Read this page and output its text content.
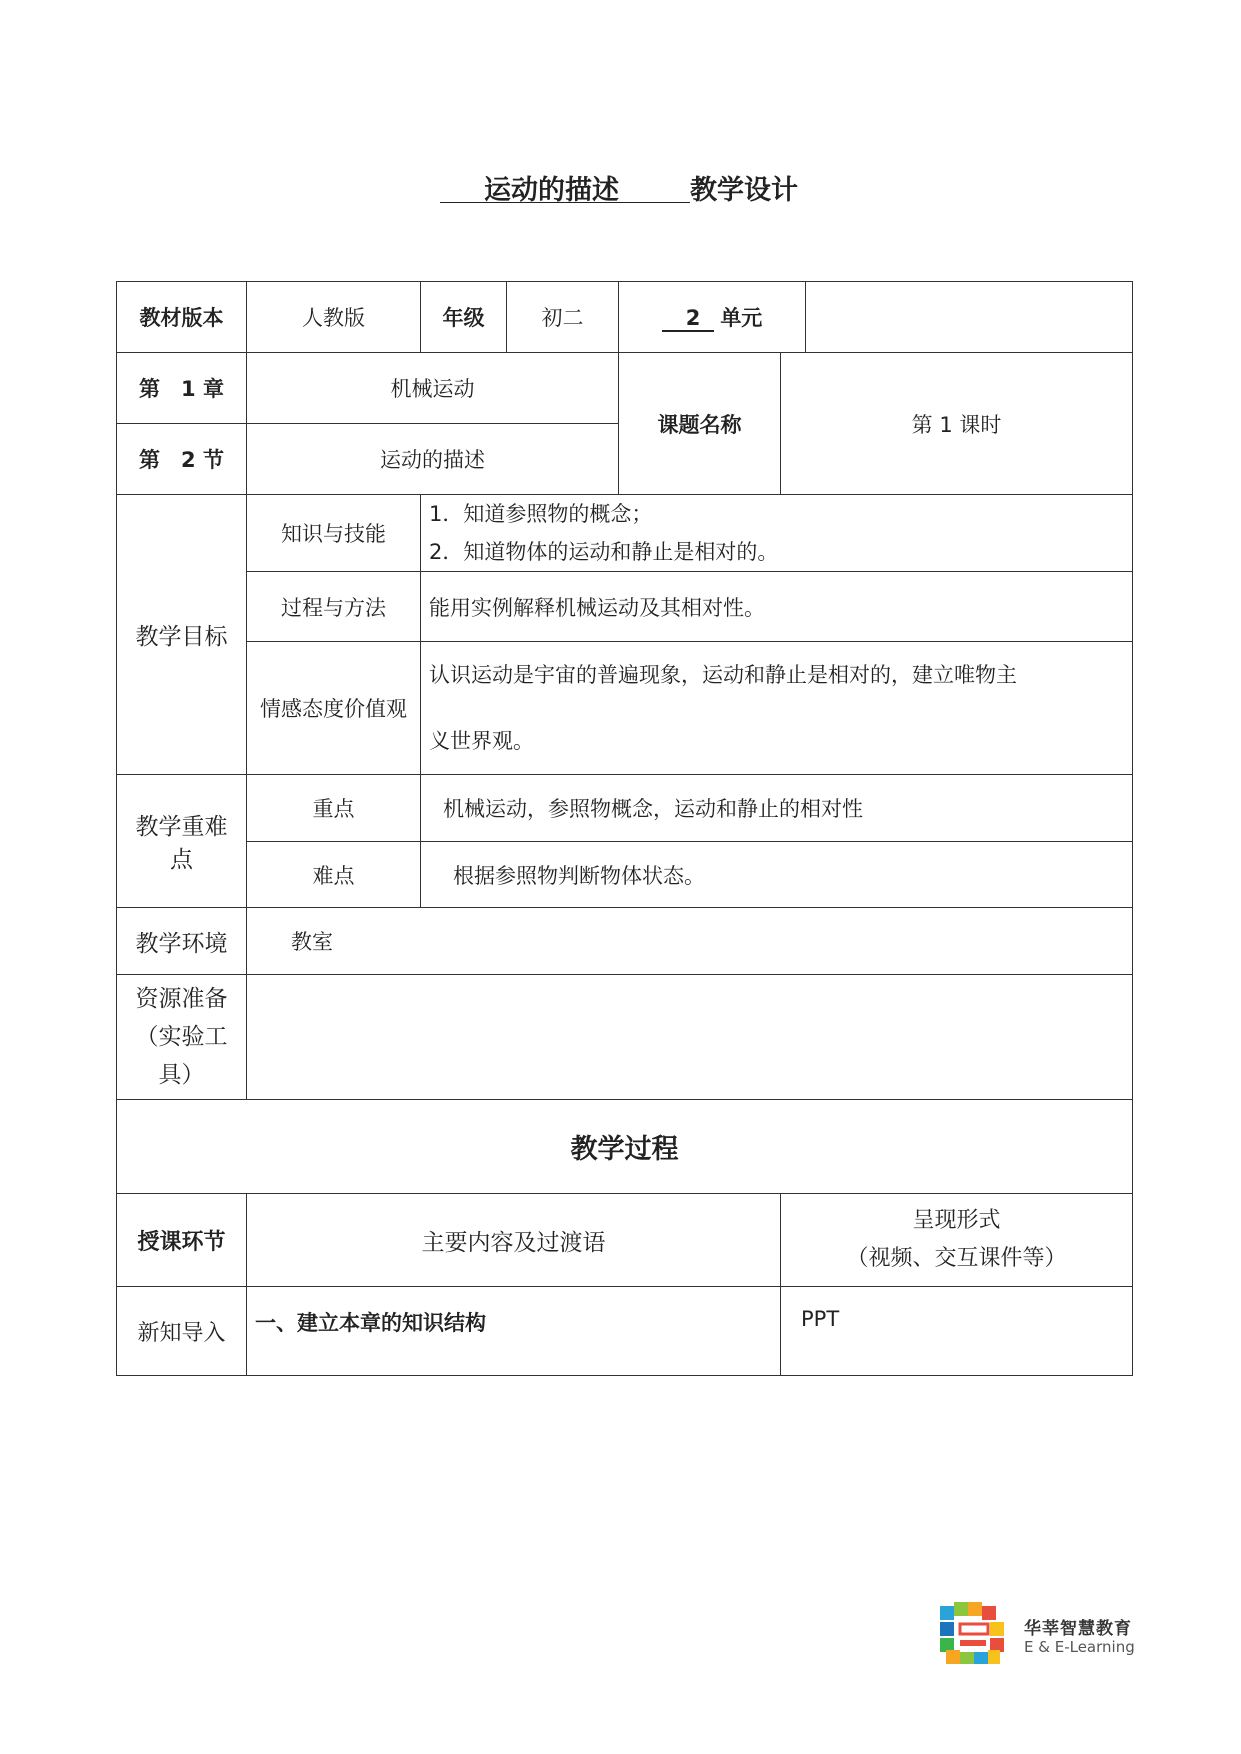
运动的描述	教学设计
教材版本	人教版	年级	初二	2 单元		
第　1 章	机械运动			课题名称	第 1 课时	
第　2 节	运动的描述					
教学目标	知识与技能	1．知道参照物的概念；
2．知道物体的运动和静止是相对的。				

	过程与方法	能用实例解释机械运动及其相对性。				
	情感态度价值观	认识运动是宇宙的普遍现象，运动和静止是相对的，建立唯物主
义世界观。				

教学重难点	重点	机械运动，参照物概念，运动和静止的相对性				
	难点	根据参照物判断物体状态。				
教学环境	教室					

资源准备
（实验工具）						

教学过程						
授课环节	主要内容及过渡语				呈现形式
（视频、交互课件等）	

新知导入	一、建立本章的知识结构				PPT	
华莘智慧教育
E & E-Learning
